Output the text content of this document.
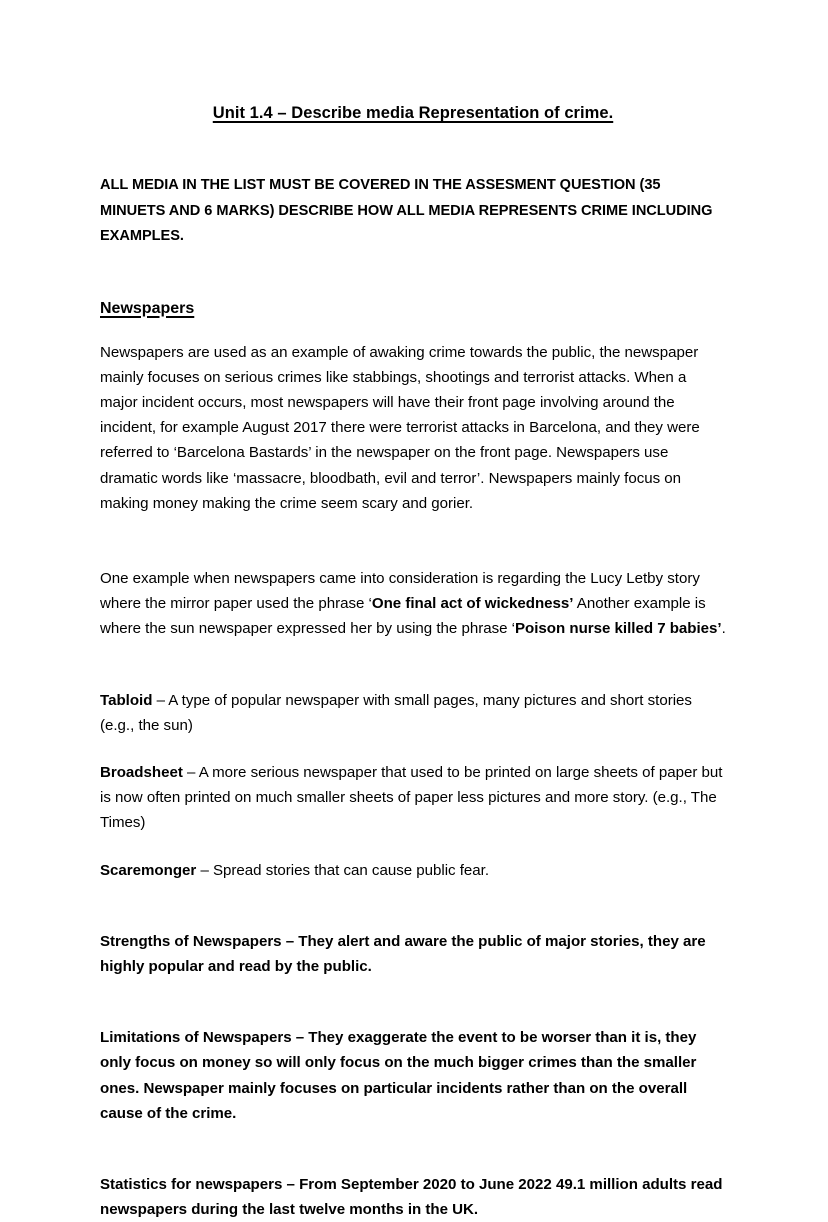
Unit 1.4 – Describe media Representation of crime.

ALL MEDIA IN THE LIST MUST BE COVERED IN THE ASSESMENT QUESTION (35 MINUETS AND 6 MARKS) DESCRIBE HOW ALL MEDIA REPRESENTS CRIME INCLUDING EXAMPLES.

Newspapers

Newspapers are used as an example of awaking crime towards the public, the newspaper mainly focuses on serious crimes like stabbings, shootings and terrorist attacks. When a major incident occurs, most newspapers will have their front page involving around the incident, for example August 2017 there were terrorist attacks in Barcelona, and they were referred to ‘Barcelona Bastards’ in the newspaper on the front page. Newspapers use dramatic words like ‘massacre, bloodbath, evil and terror’. Newspapers mainly focus on making money making the crime seem scary and gorier.

One example when newspapers came into consideration is regarding the Lucy Letby story where the mirror paper used the phrase ‘One final act of wickedness’ Another example is where the sun newspaper expressed her by using the phrase ‘Poison nurse killed 7 babies’.

Tabloid – A type of popular newspaper with small pages, many pictures and short stories (e.g., the sun)

Broadsheet – A more serious newspaper that used to be printed on large sheets of paper but is now often printed on much smaller sheets of paper less pictures and more story. (e.g., The Times)

Scaremonger – Spread stories that can cause public fear.

Strengths of Newspapers – They alert and aware the public of major stories, they are highly popular and read by the public.

Limitations of Newspapers – They exaggerate the event to be worser than it is, they only focus on money so will only focus on the much bigger crimes than the smaller ones. Newspaper mainly focuses on particular incidents rather than on the overall cause of the crime.

Statistics for newspapers – From September 2020 to June 2022 49.1 million adults read newspapers during the last twelve months in the UK.
